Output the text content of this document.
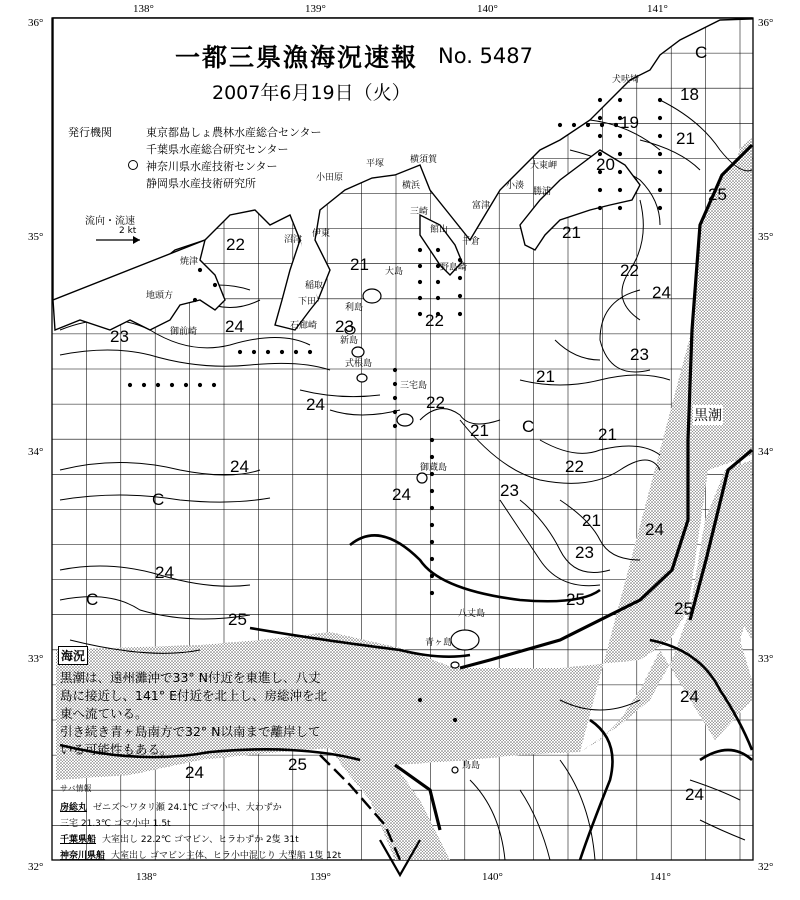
138°	139°	140°	141°
138°	139°	140°	141°
36°
35°
34°
33°
32°
36°
35°
34°
33°
32°
C
18
19
21
20
25
21
22
21	22
24
23
24	23	22
23
21
24	22
21 C	21
24	22
24	23
C
21	24
23
24
C	25
25
25
24
25
24
24
犬吠埼
大東岬
小湊
勝浦
館山
千倉
野島崎
横須賀
平塚
小田原
三崎
沼津
伊東
焼津
地頭方
御前崎
稲取
下田
石廊崎
大島
利島
新島
式根島
三宅島
御蔵島
八丈島
青ヶ島
鳥島
横浜
富津
一都三県漁海況速報 No. 5487
2007年6月19日（火）
発行機関	東京都島しょ農林水産総合センター
千葉県水産総合研究センター
神奈川県水産技術センター
静岡県水産技術研究所
流向・流速
2 kt
黒潮
海況
黒潮は、遠州灘沖で33° N付近を東進し、八丈
島に接近し、141° E付近を北上し、房総沖を北
東へ流ている。
引き続き青ヶ島南方で32° N以南まで離岸して
いる可能性もある。
サバ情報
房総丸 ゼニズ～ワタリ瀬 24.1℃ ゴマ小中、大わずか
三宅 21.3℃ ゴマ小中 1.5t
千葉県船 大室出し 22.2℃ ゴマビン、ヒラわずか 2隻 31t
神奈川県船 大室出し ゴマビン主体、ヒラ小中混じり 大型船 1隻 12t
